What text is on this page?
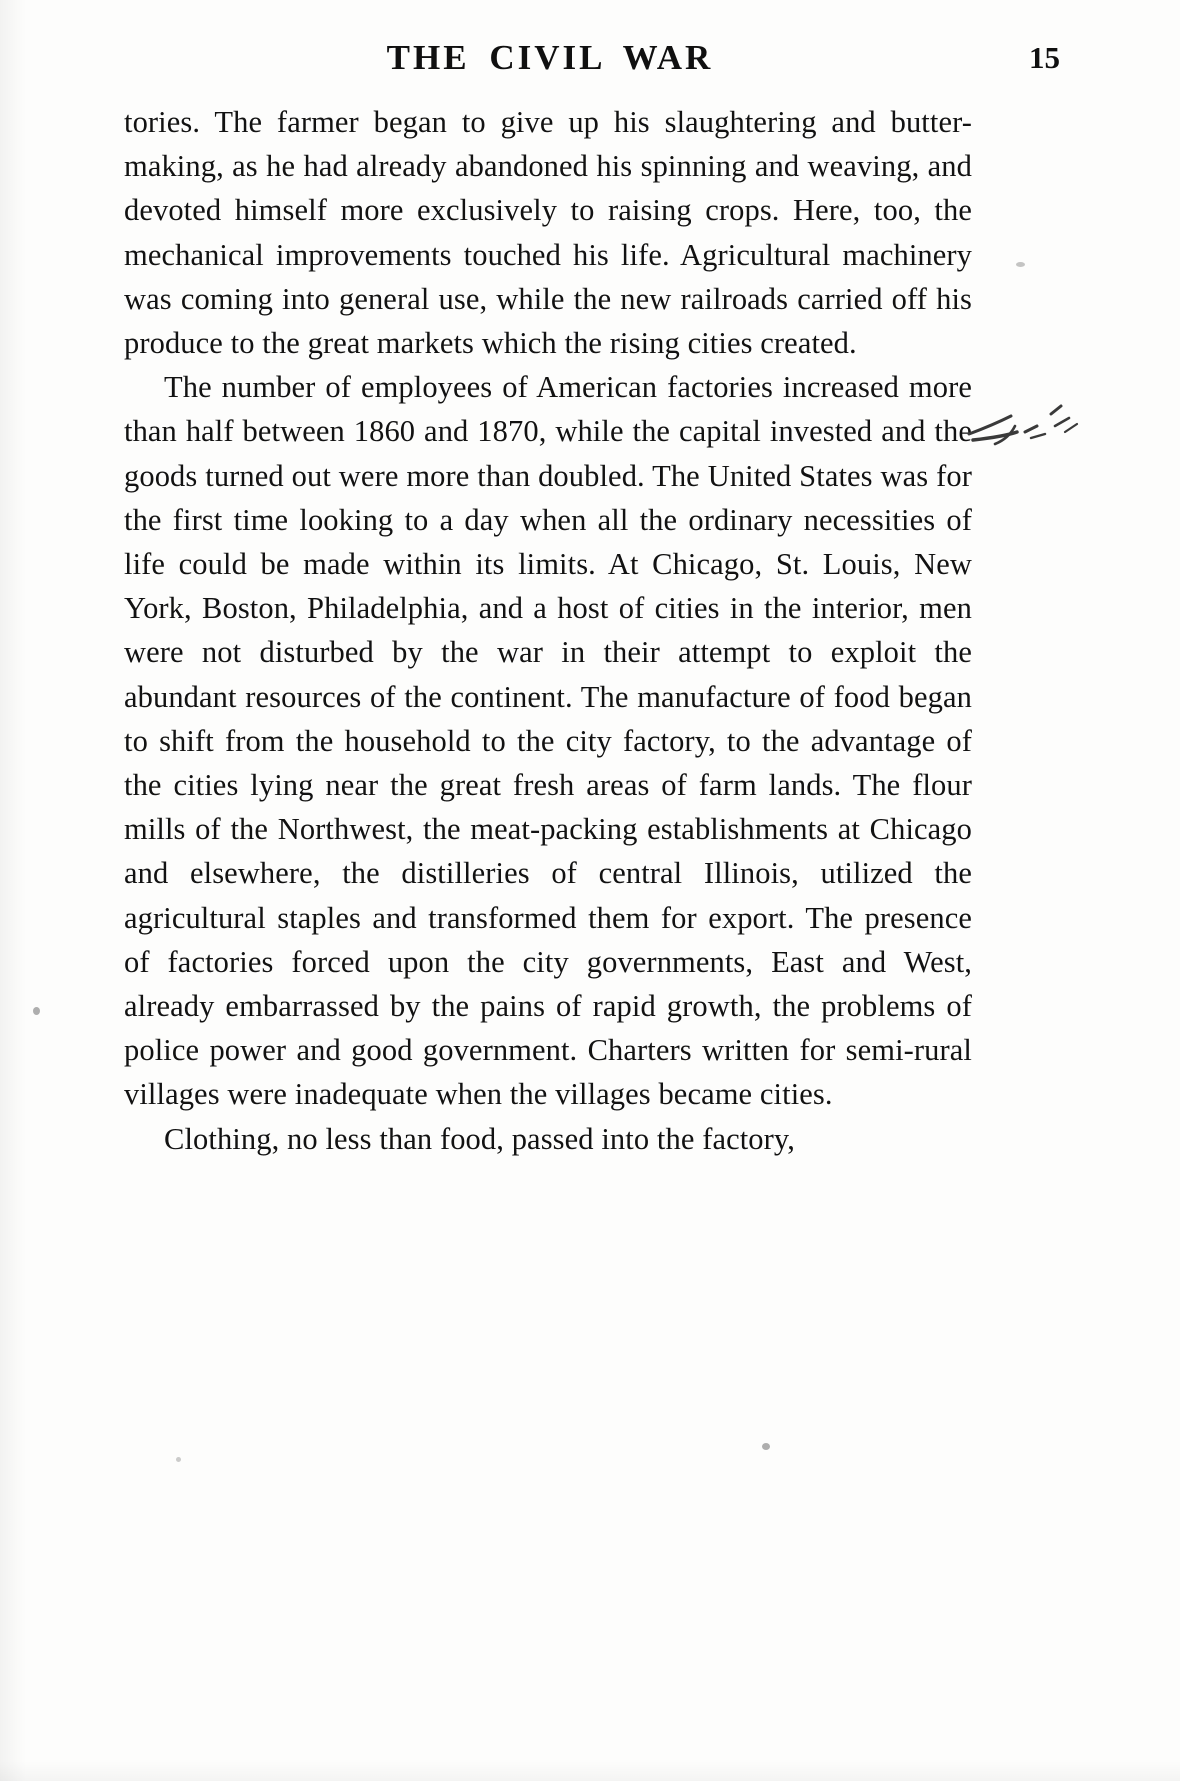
THE CIVIL WAR	15

tories. The farmer began to give up his slaughtering and butter-making, as he had already abandoned his spinning and weaving, and devoted himself more exclusively to raising crops. Here, too, the mechanical improvements touched his life. Agricultural machinery was coming into general use, while the new railroads carried off his produce to the great markets which the rising cities created.

The number of employees of American factories increased more than half between 1860 and 1870, while the capital invested and the goods turned out were more than doubled. The United States was for the first time looking to a day when all the ordinary necessities of life could be made within its limits. At Chicago, St. Louis, New York, Boston, Philadelphia, and a host of cities in the interior, men were not disturbed by the war in their attempt to exploit the abundant resources of the continent. The manufacture of food began to shift from the household to the city factory, to the advantage of the cities lying near the great fresh areas of farm lands. The flour mills of the Northwest, the meat-packing establishments at Chicago and elsewhere, the distilleries of central Illinois, utilized the agricultural staples and transformed them for export. The presence of factories forced upon the city governments, East and West, already embarrassed by the pains of rapid growth, the problems of police power and good government. Charters written for semi-rural villages were inadequate when the villages became cities.

Clothing, no less than food, passed into the factory,
